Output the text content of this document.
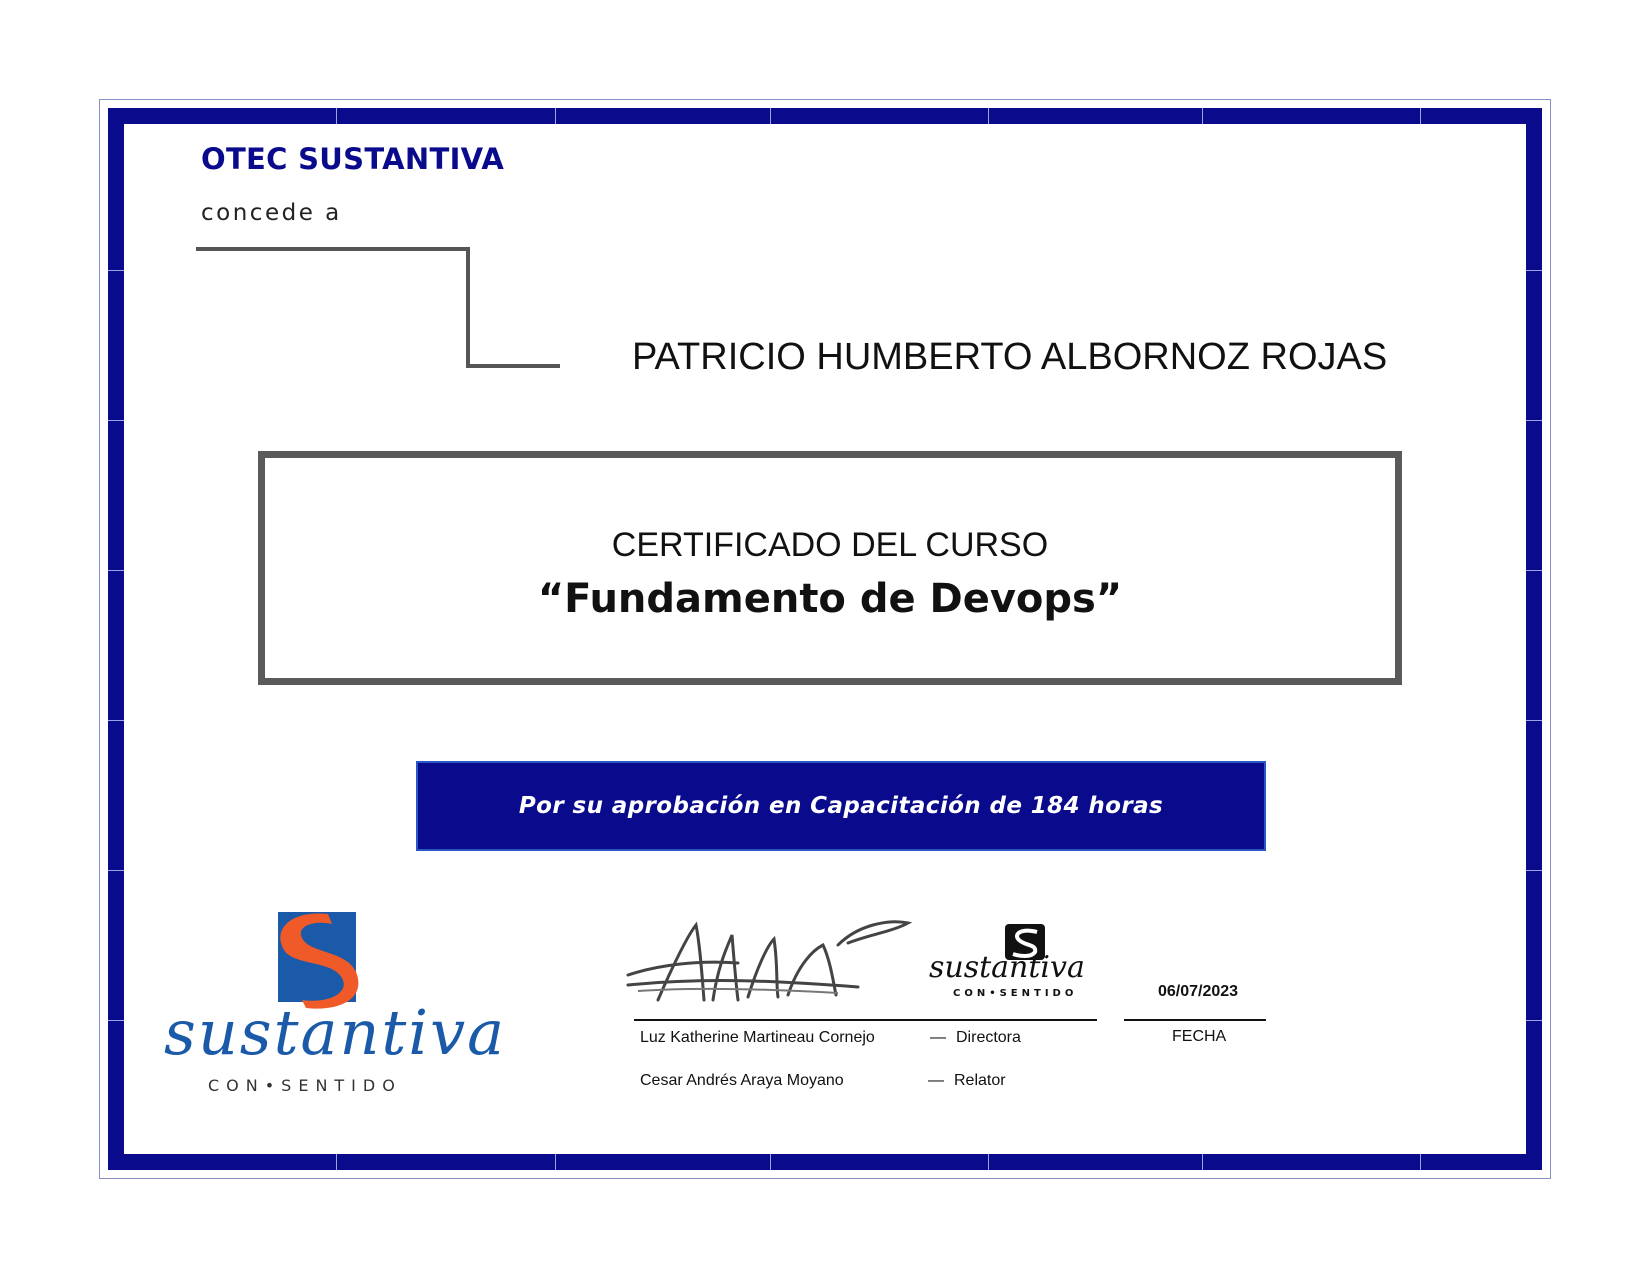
OTEC SUSTANTIVA
concede a
PATRICIO HUMBERTO ALBORNOZ ROJAS
CERTIFICADO DEL CURSO
“Fundamento de Devops”
Por su aprobación en Capacitación de 184 horas
sustantiva
CON•SENTIDO
sustantiva
CON•SENTIDO	06/07/2023
Luz Katherine Martineau Cornejo	— Directora
Cesar Andrés Araya Moyano	— Relator
FECHA
